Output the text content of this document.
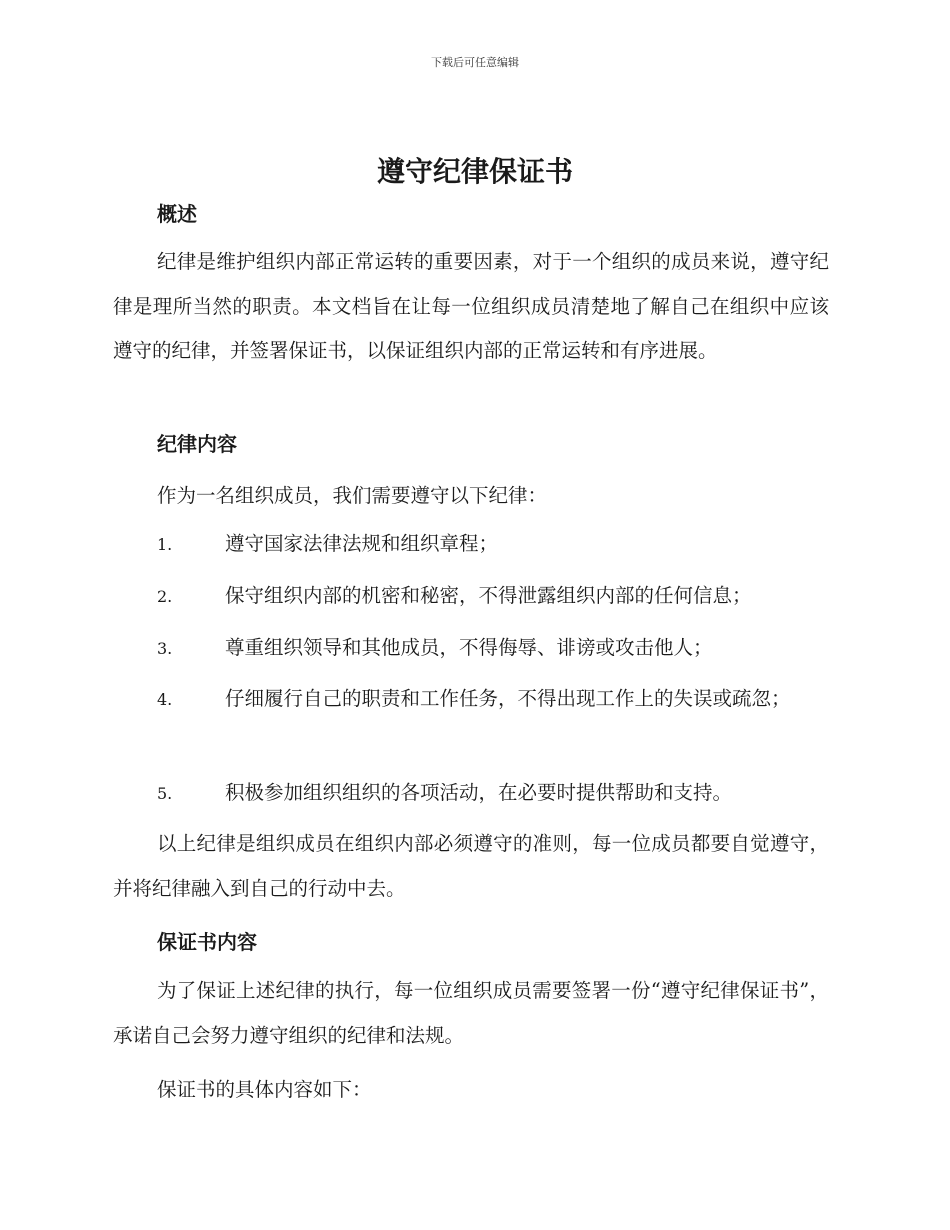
下载后可任意编辑
遵守纪律保证书
概述

纪律是维护组织内部正常运转的重要因素，对于一个组织的成员来说，遵守纪律是理所当然的职责。本文档旨在让每一位组织成员清楚地了解自己在组织中应该遵守的纪律，并签署保证书，以保证组织内部的正常运转和有序进展。

纪律内容

作为一名组织成员，我们需要遵守以下纪律：

1.	遵守国家法律法规和组织章程；
2.	保守组织内部的机密和秘密，不得泄露组织内部的任何信息；
3.	尊重组织领导和其他成员，不得侮辱、诽谤或攻击他人；
4.	仔细履行自己的职责和工作任务，不得出现工作上的失误或疏忽；
5.	积极参加组织组织的各项活动，在必要时提供帮助和支持。

以上纪律是组织成员在组织内部必须遵守的准则，每一位成员都要自觉遵守，并将纪律融入到自己的行动中去。

保证书内容

为了保证上述纪律的执行，每一位组织成员需要签署一份“遵守纪律保证书”，承诺自己会努力遵守组织的纪律和法规。

保证书的具体内容如下：
